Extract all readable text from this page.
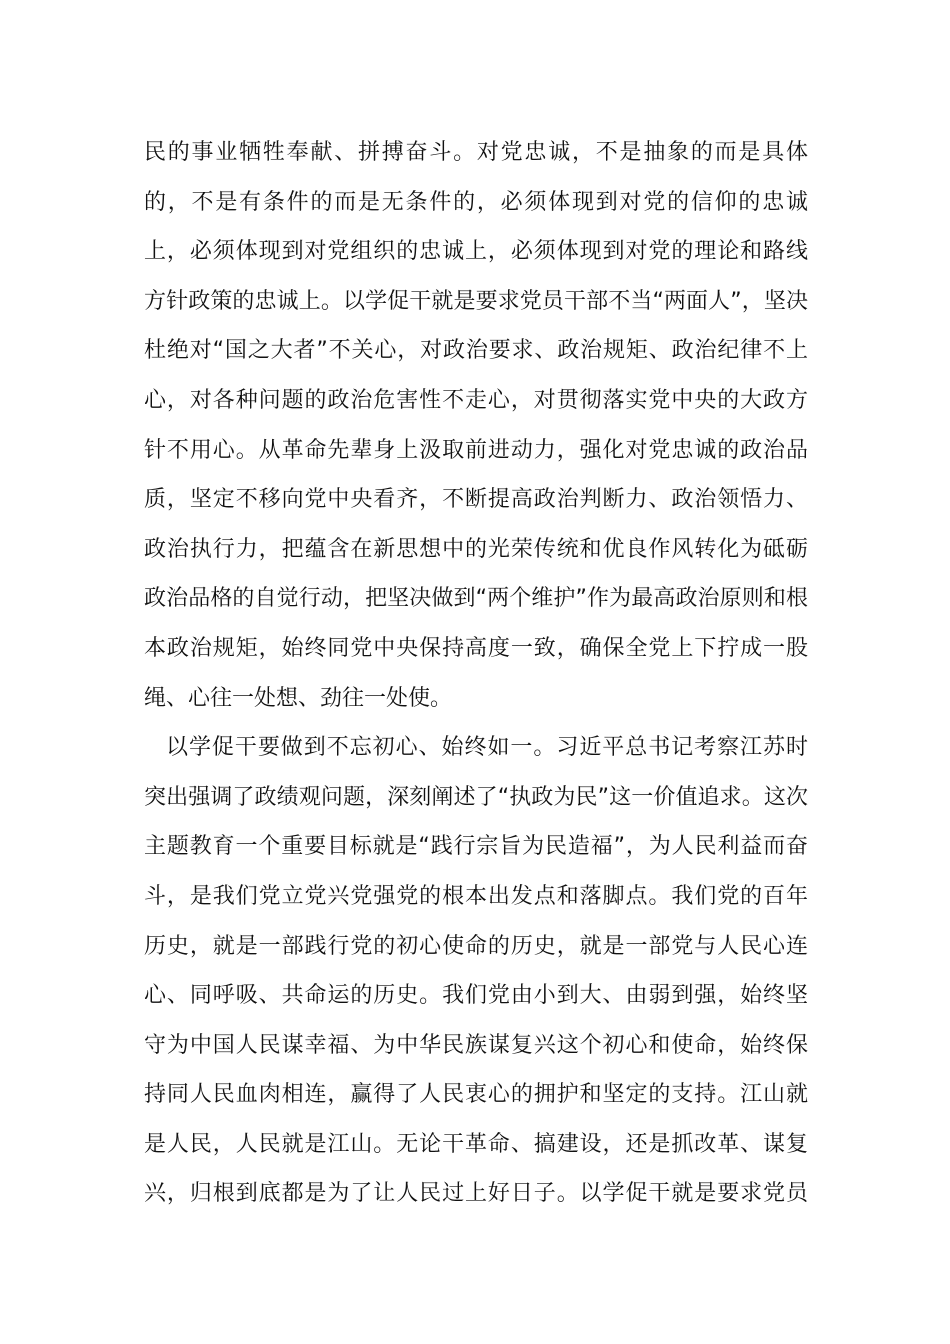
民的事业牺牲奉献、拼搏奋斗。对党忠诚，不是抽象的而是具体
的，不是有条件的而是无条件的，必须体现到对党的信仰的忠诚
上，必须体现到对党组织的忠诚上，必须体现到对党的理论和路线
方针政策的忠诚上。以学促干就是要求党员干部不当“两面人”，坚决
杜绝对“国之大者”不关心，对政治要求、政治规矩、政治纪律不上
心，对各种问题的政治危害性不走心，对贯彻落实党中央的大政方
针不用心。从革命先辈身上汲取前进动力，强化对党忠诚的政治品
质，坚定不移向党中央看齐，不断提高政治判断力、政治领悟力、
政治执行力，把蕴含在新思想中的光荣传统和优良作风转化为砥砺
政治品格的自觉行动，把坚决做到“两个维护”作为最高政治原则和根
本政治规矩，始终同党中央保持高度一致，确保全党上下拧成一股
绳、心往一处想、劲往一处使。
以学促干要做到不忘初心、始终如一。习近平总书记考察江苏时
突出强调了政绩观问题，深刻阐述了“执政为民”这一价值追求。这次
主题教育一个重要目标就是“践行宗旨为民造福”，为人民利益而奋
斗，是我们党立党兴党强党的根本出发点和落脚点。我们党的百年
历史，就是一部践行党的初心使命的历史，就是一部党与人民心连
心、同呼吸、共命运的历史。我们党由小到大、由弱到强，始终坚
守为中国人民谋幸福、为中华民族谋复兴这个初心和使命，始终保
持同人民血肉相连，赢得了人民衷心的拥护和坚定的支持。江山就
是人民，人民就是江山。无论干革命、搞建设，还是抓改革、谋复
兴，归根到底都是为了让人民过上好日子。以学促干就是要求党员
